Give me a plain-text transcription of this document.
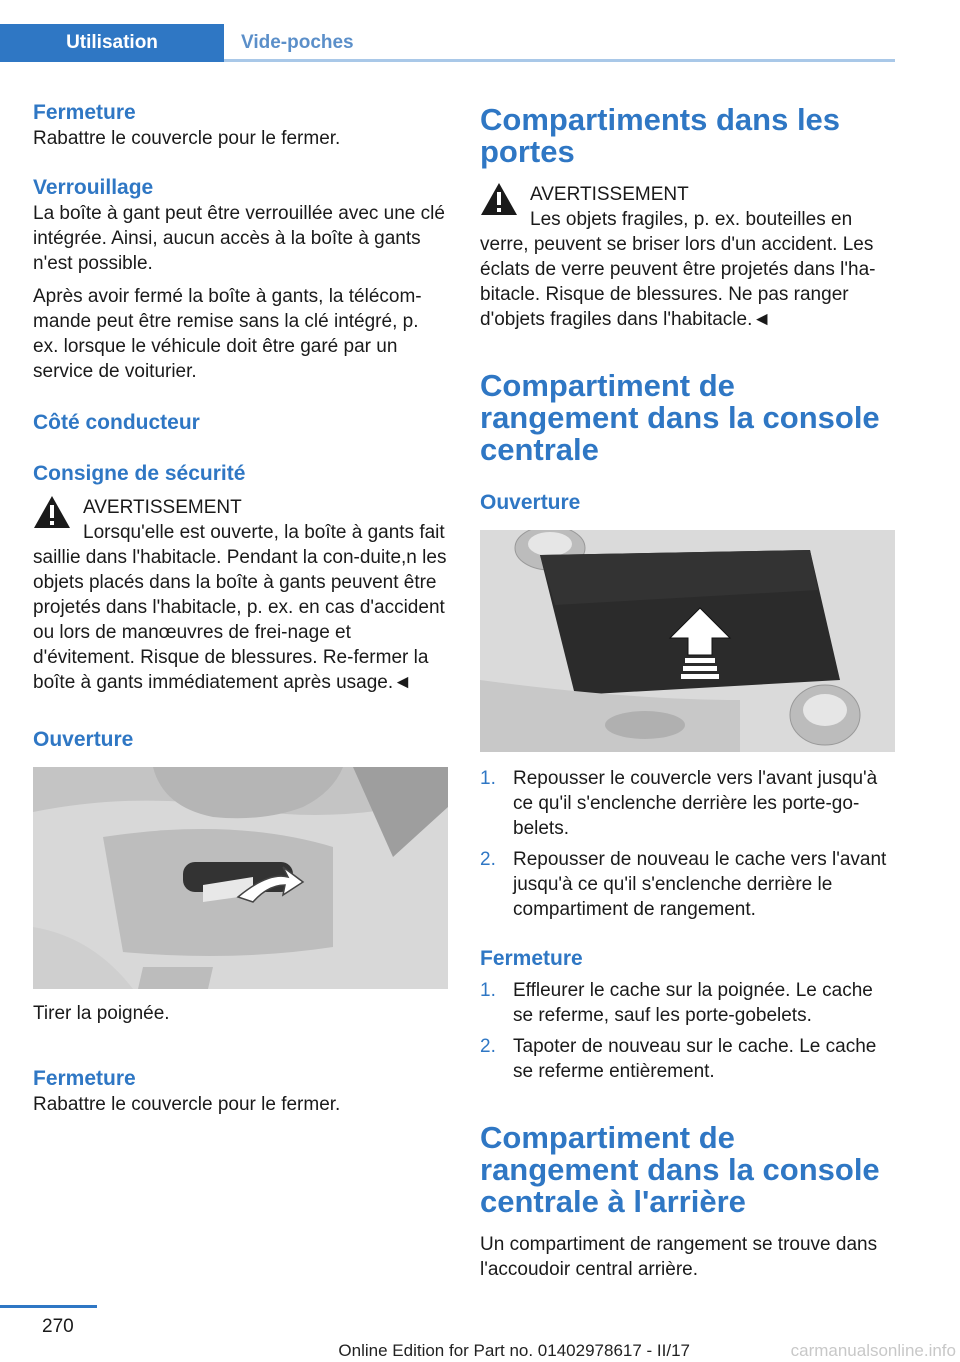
Utilisation	Vide-poches
Fermeture

Rabattre le couvercle pour le fermer.

Verrouillage

La boîte à gant peut être verrouillée avec une clé intégrée. Ainsi, aucun accès à la boîte à gants n'est possible.

Après avoir fermé la boîte à gants, la télécom-mande peut être remise sans la clé intégré, p. ex. lorsque le véhicule doit être garé par un service de voiturier.

Côté conducteur
Consigne de sécurité
AVERTISSEMENT

Lorsqu'elle est ouverte, la boîte à gants fait saillie dans l'habitacle. Pendant la con-duite,n les objets placés dans la boîte à gants peuvent être projetés dans l'habitacle, p. ex. en cas d'accident ou lors de manœuvres de frei-nage et d'évitement. Risque de blessures. Re-fermer la boîte à gants immédiatement après usage.◄

Ouverture

Tirer la poignée.

Fermeture

Rabattre le couvercle pour le fermer.

Compartiments dans les portes
AVERTISSEMENT

Les objets fragiles, p. ex. bouteilles en verre, peuvent se briser lors d'un accident. Les éclats de verre peuvent être projetés dans l'ha-bitacle. Risque de blessures. Ne pas ranger d'objets fragiles dans l'habitacle.◄

Compartiment de rangement dans la console centrale
Ouverture
1. Repousser le couvercle vers l'avant jusqu'à ce qu'il s'enclenche derrière les porte-go-belets.
2. Repousser de nouveau le cache vers l'avant jusqu'à ce qu'il s'enclenche derrière le compartiment de rangement.
Fermeture
1. Effleurer le cache sur la poignée. Le cache se referme, sauf les porte-gobelets.
2. Tapoter de nouveau sur le cache. Le cache se referme entièrement.
Compartiment de rangement dans la console centrale à l'arrière

Un compartiment de rangement se trouve dans l'accoudoir central arrière.

270
Online Edition for Part no. 01402978617 - II/17	carmanualsonline.info
